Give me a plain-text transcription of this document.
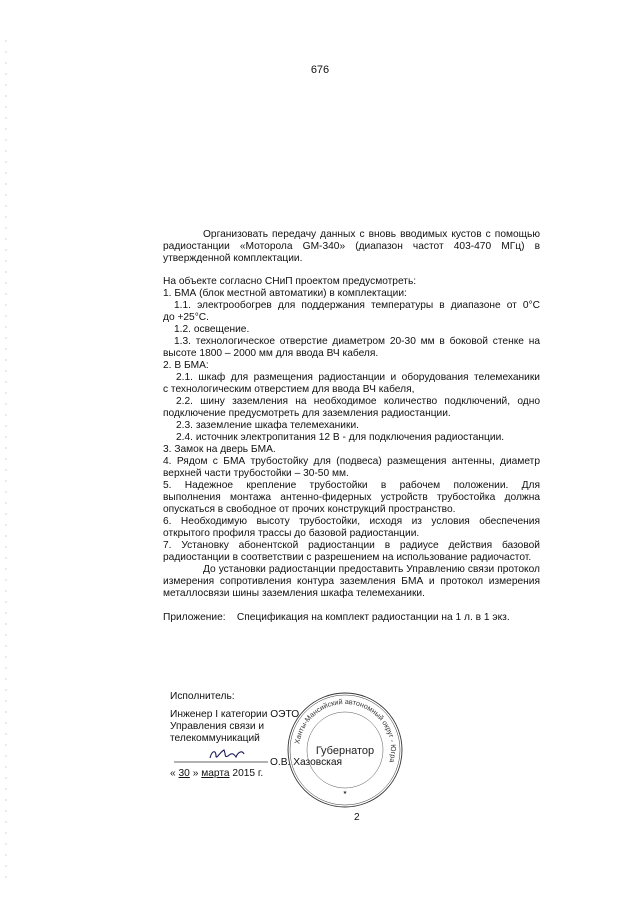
676
Организовать передачу данных с вновь вводимых кустов с помощью
радиостанции «Моторола GM-340» (диапазон частот 403-470 МГц) в
утвержденной комплектации.
На объекте согласно СНиП проектом предусмотреть:
1. БМА (блок местной автоматики) в комплектации:
1.1. электрообогрев для поддержания температуры в диапазоне от 0°С
до +25°С.
1.2. освещение.
1.3. технологическое отверстие диаметром 20-30 мм в боковой стенке на
высоте 1800 – 2000 мм для ввода ВЧ кабеля.
2. В БМА:
2.1. шкаф для размещения радиостанции и оборудования телемеханики
с технологическим отверстием для ввода ВЧ кабеля,
2.2. шину заземления на необходимое количество подключений, одно
подключение предусмотреть для заземления радиостанции.
2.3. заземление шкафа телемеханики.
2.4. источник электропитания 12 В - для подключения радиостанции.
3. Замок на дверь БМА.
4. Рядом с БМА трубостойку для (подвеса) размещения антенны, диаметр
верхней части трубостойки – 30-50 мм.
5. Надежное крепление трубостойки в рабочем положении. Для
выполнения монтажа антенно-фидерных устройств трубостойка должна
опускаться в свободное от прочих конструкций пространство.
6. Необходимую высоту трубостойки, исходя из условия обеспечения
открытого профиля трассы до базовой радиостанции.
7. Установку абонентской радиостанции в радиусе действия базовой
радиостанции в соответствии с разрешением на использование радиочастот.
До установки радиостанции предоставить Управлению связи протокол
измерения сопротивления контура заземления БМА и протокол измерения
металлосвязи шины заземления шкафа телемеханики.
Приложение:    Спецификация на комплект радиостанции на 1 л. в 1 экз.
Исполнитель:
Инженер I категории ОЭТО
Управления связи и
телекоммуникаций
О.В. Хазовская
« 30 » марта 2015 г.
Ханты-Мансийский автономный округ - Югра
Губернатор
★
2
